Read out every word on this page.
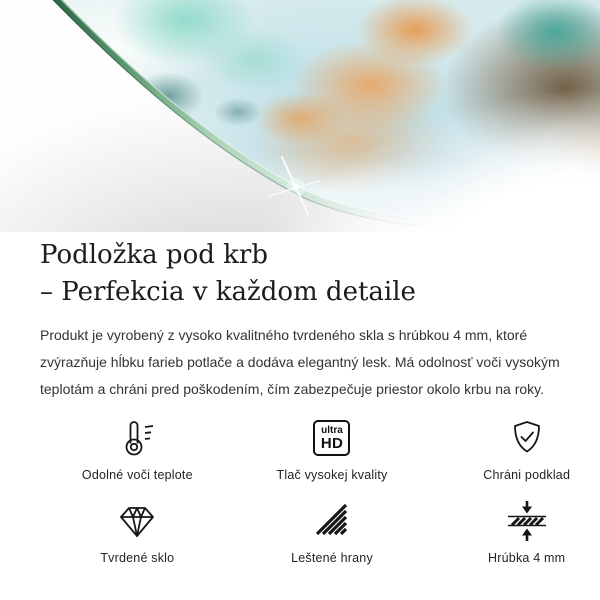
Podložka pod krb
– Perfekcia v každom detaile

Produkt je vyrobený z vysoko kvalitného tvrdeného skla s hrúbkou 4 mm, ktoré zvýrazňuje hĺbku farieb potlače a dodáva elegantný lesk. Má odolnosť voči vysokým teplotám a chráni pred poškodením, čím zabezpečuje priestor okolo krbu na roky.

Odolné voči teplote
ultra
HD
Tlač vysokej kvality	Chráni podklad
Tvrdené sklo	Leštené hrany	Hrúbka 4 mm
